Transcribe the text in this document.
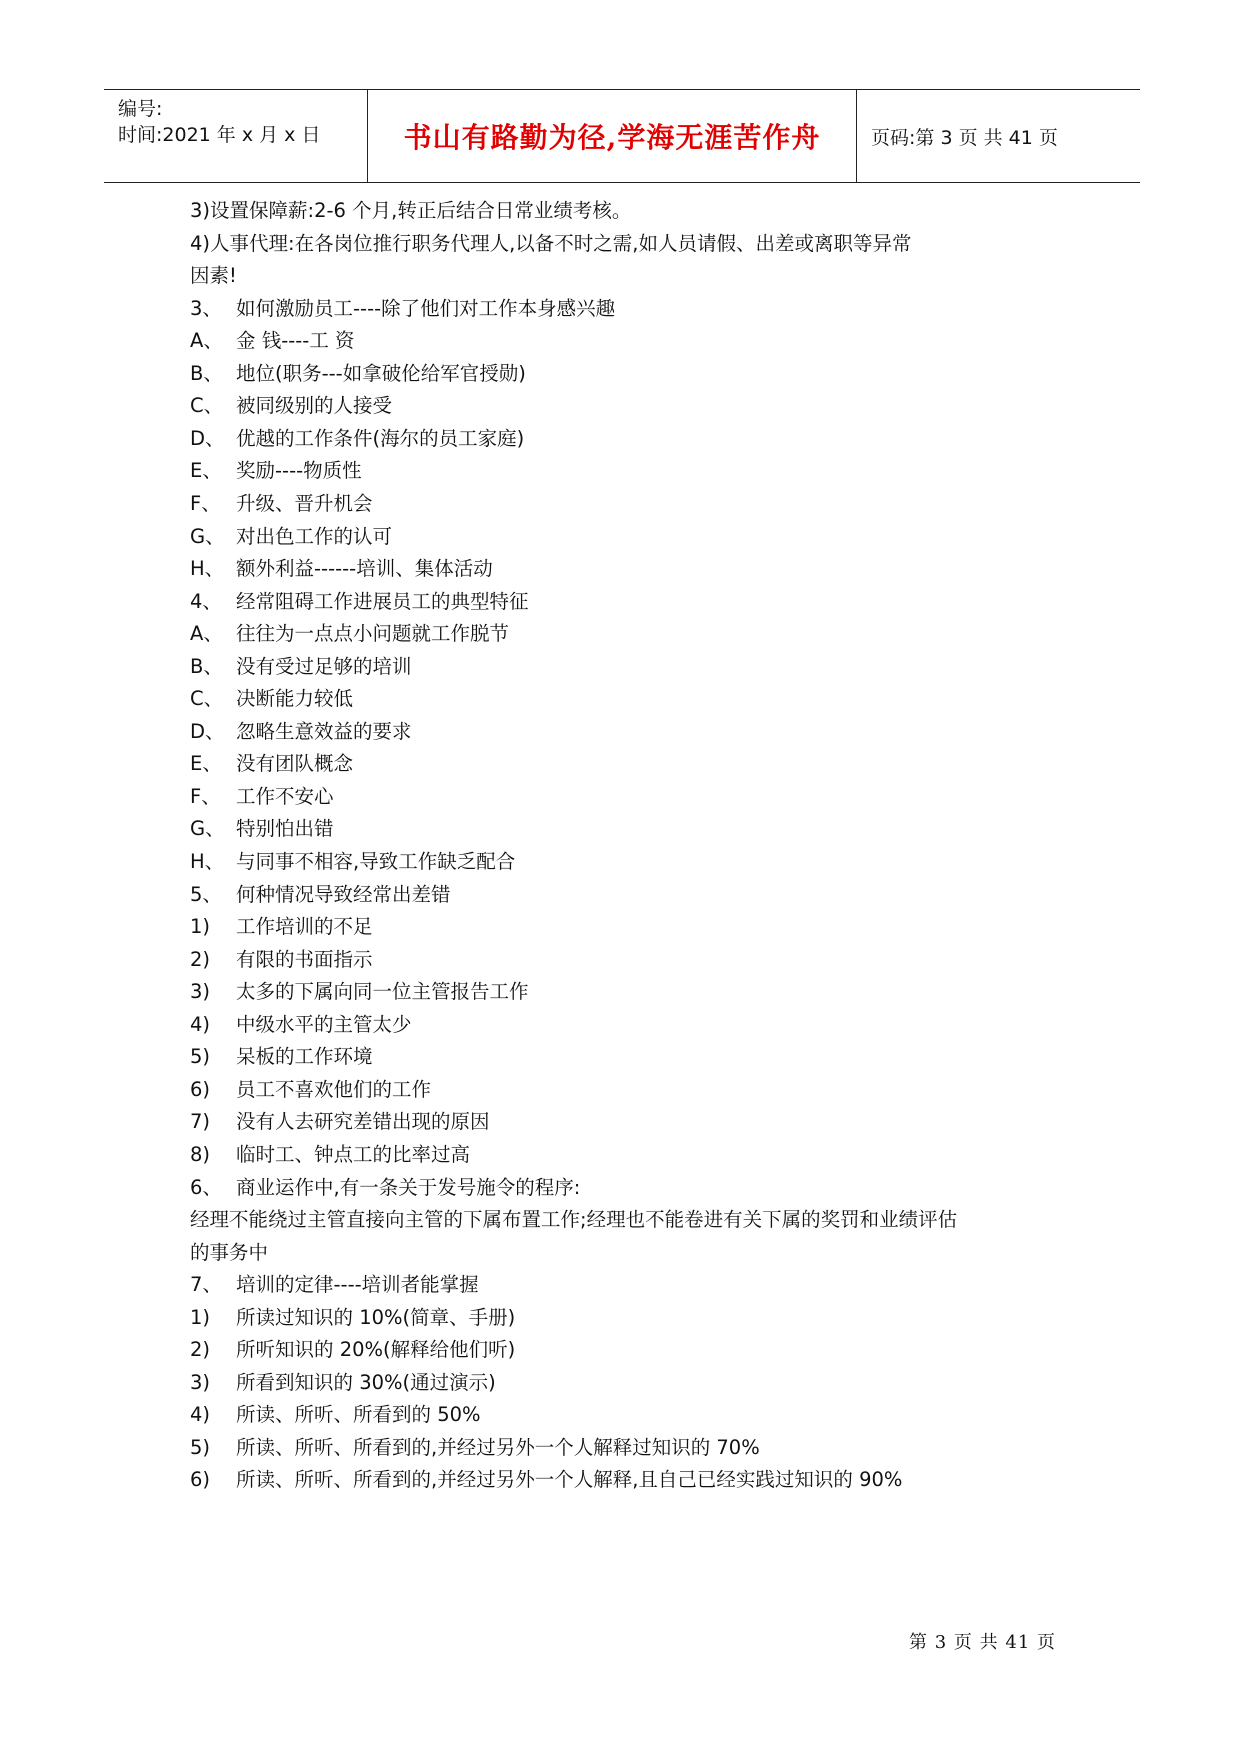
编号:
时间:2021 年 x 月 x 日	书山有路勤为径,学海无涯苦作舟	页码:第 3 页 共 41 页
3)设置保障薪:2-6 个月,转正后结合日常业绩考核。
4)人事代理:在各岗位推行职务代理人,以备不时之需,如人员请假、出差或离职等异常
因素!
3、 如何激励员工----除了他们对工作本身感兴趣
A、 金 钱----工 资
B、 地位(职务---如拿破伦给军官授勋)
C、 被同级别的人接受
D、 优越的工作条件(海尔的员工家庭)
E、 奖励----物质性
F、 升级、晋升机会
G、 对出色工作的认可
H、 额外利益------培训、集体活动
4、 经常阻碍工作进展员工的典型特征
A、 往往为一点点小问题就工作脱节
B、 没有受过足够的培训
C、 决断能力较低
D、 忽略生意效益的要求
E、 没有团队概念
F、 工作不安心
G、 特别怕出错
H、 与同事不相容,导致工作缺乏配合
5、 何种情况导致经常出差错
1) 工作培训的不足
2) 有限的书面指示
3) 太多的下属向同一位主管报告工作
4) 中级水平的主管太少
5) 呆板的工作环境
6) 员工不喜欢他们的工作
7) 没有人去研究差错出现的原因
8) 临时工、钟点工的比率过高
6、 商业运作中,有一条关于发号施令的程序:
经理不能绕过主管直接向主管的下属布置工作;经理也不能卷进有关下属的奖罚和业绩评估
的事务中
7、 培训的定律----培训者能掌握
1) 所读过知识的 10%(简章、手册)
2) 所听知识的 20%(解释给他们听)
3) 所看到知识的 30%(通过演示)
4) 所读、所听、所看到的 50%
5) 所读、所听、所看到的,并经过另外一个人解释过知识的 70%
6) 所读、所听、所看到的,并经过另外一个人解释,且自己已经实践过知识的 90%
第 3 页 共 41 页
